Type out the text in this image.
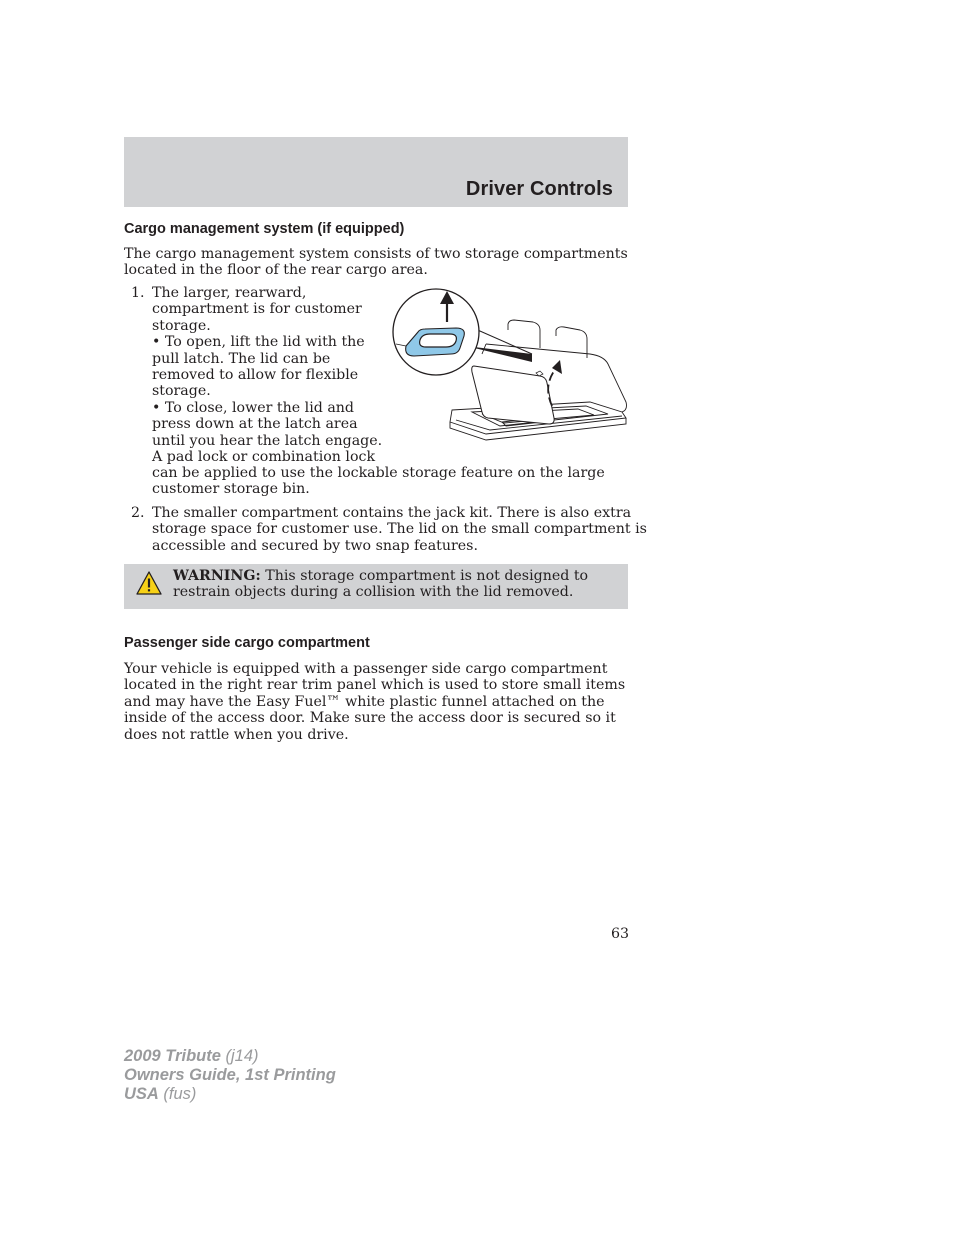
Driver Controls
Cargo management system (if equipped)

The cargo management system consists of two storage compartments
located in the floor of the rear cargo area.

1. The larger, rearward,
compartment is for customer
storage.
• To open, lift the lid with the
pull latch. The lid can be
removed to allow for flexible
storage.
• To close, lower the lid and
press down at the latch area
until you hear the latch engage.
A pad lock or combination lock

can be applied to use the lockable storage feature on the large
customer storage bin.

2. The smaller compartment contains the jack kit. There is also extra
storage space for customer use. The lid on the small compartment is
accessible and secured by two snap features.

WARNING: This storage compartment is not designed to
restrain objects during a collision with the lid removed.

Passenger side cargo compartment

Your vehicle is equipped with a passenger side cargo compartment
located in the right rear trim panel which is used to store small items
and may have the Easy Fuel™ white plastic funnel attached on the
inside of the access door. Make sure the access door is secured so it
does not rattle when you drive.

63
2009 Tribute (j14)
Owners Guide, 1st Printing
USA (fus)
